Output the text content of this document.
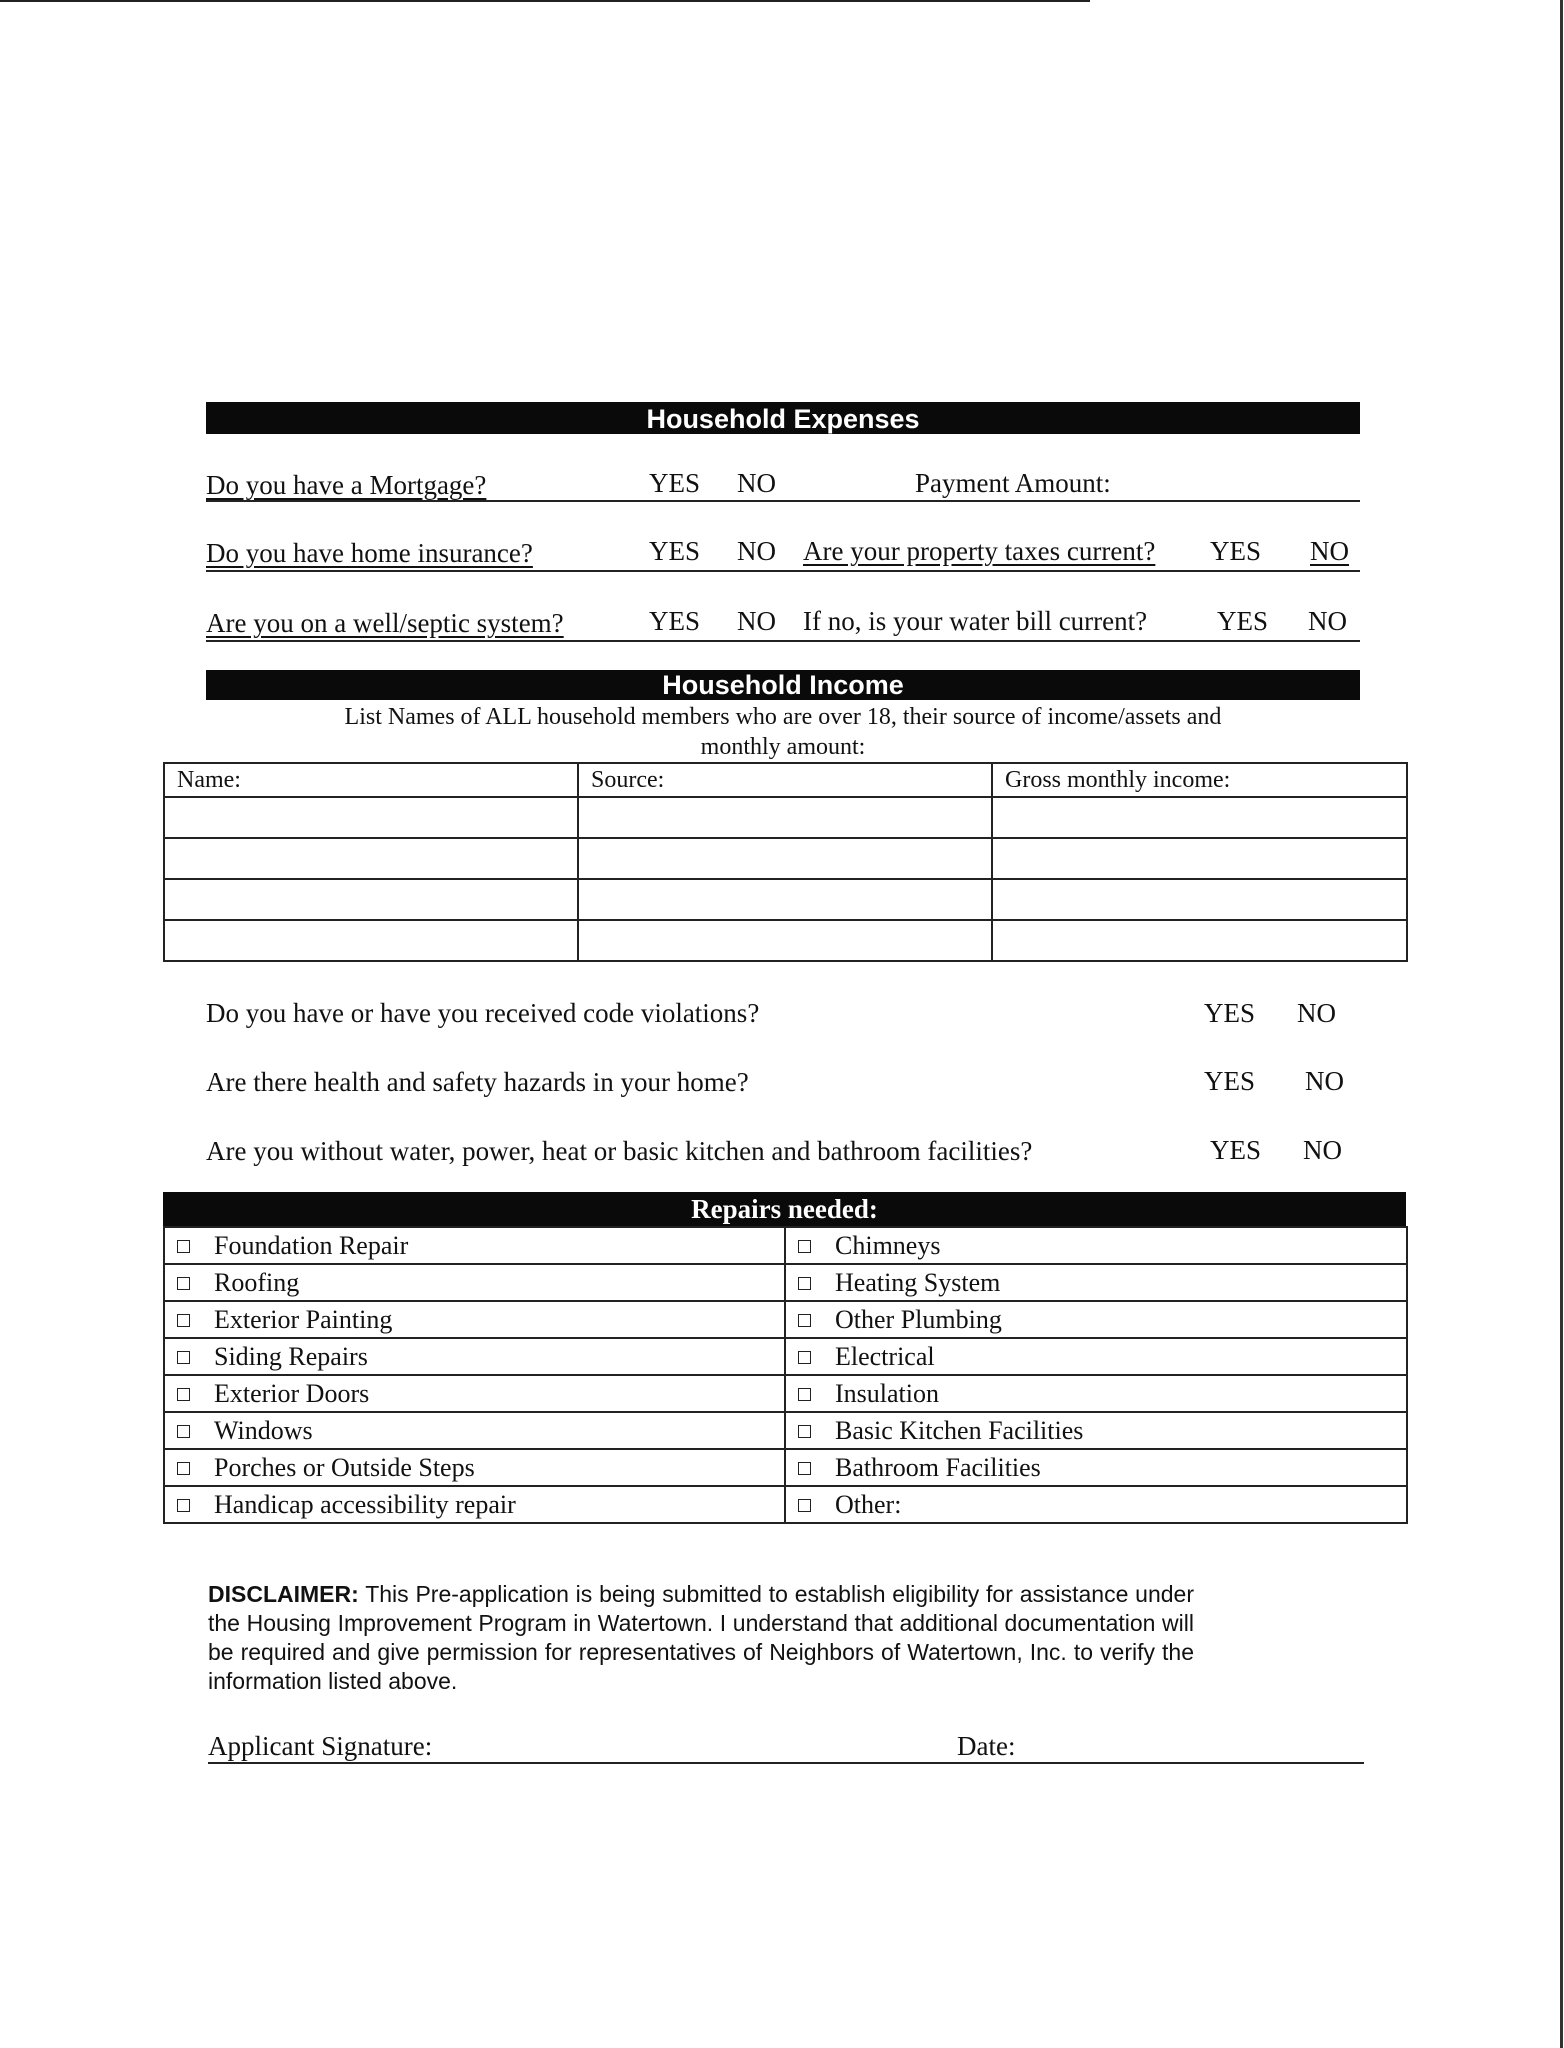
Household Expenses
Do you have a Mortgage?	YES NO	Payment Amount:
Do you have home insurance?	YES NO Are your property taxes current? YES NO
Are you on a well/septic system?	YES NO If no, is your water bill current?	YES NO
Household Income
List Names of ALL household members who are over 18, their source of income/assets and
monthly amount:
Name:	Source:	Gross monthly income:

Do you have or have you received code violations?	YES NO
Are there health and safety hazards in your home?	YES NO
Are you without water, power, heat or basic kitchen and bathroom facilities?	YES NO
Repairs needed:
Foundation Repair	Chimneys
Roofing	Heating System
Exterior Painting	Other Plumbing
Siding Repairs	Electrical
Exterior Doors	Insulation
Windows	Basic Kitchen Facilities
Porches or Outside Steps	Bathroom Facilities
Handicap accessibility repair	Other:
DISCLAIMER: This Pre-application is being submitted to establish eligibility for assistance under the Housing Improvement Program in Watertown. I understand that additional documentation will be required and give permission for representatives of Neighbors of Watertown, Inc. to verify the information listed above.
Applicant Signature:	Date:
